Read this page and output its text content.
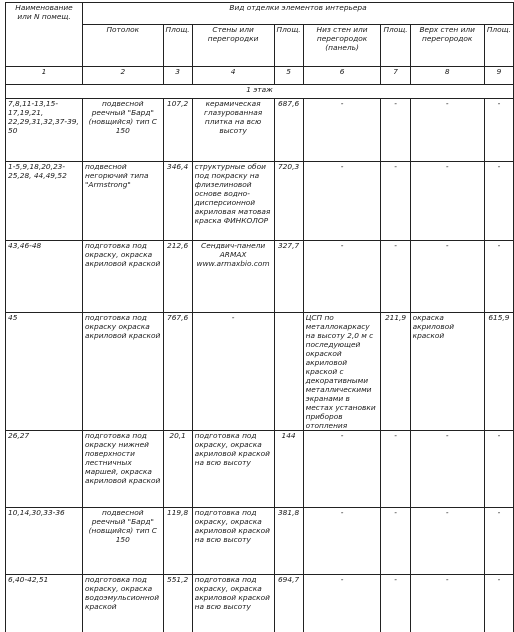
Наименование или N помещ.	Вид отделки элементов интерьера							
	Потолок	Площ.	Стены или перегородки	Площ.	Низ стен или перегородок (панель)	Площ.	Верх стен или перегородок	Площ.
1	2	3	4	5	6	7	8	9
1 этаж								
7,8,11-13,15-17,19,21, 22,29,31,32,37-39, 50	подвесной реечный "Бард" (новщийся) тип С 150	107,2	керамическая глазурованная плитка на всю высоту	687,6	-	-	-	-
1-5,9,18,20,23-25,28, 44,49,52	подвесной негорючий типа "Armstrong"	346,4	структурные обои под покраску на флизелиновой основе водно-дисперсионной акриловая матовая краска ФИНКОЛОР	720,3	-	-	-	-
43,46-48	подготовка под окраску, окраска акриловой краской	212,6	Сендвич-панели ARMAX www.armaxbio.com	327,7	-	-	-	-
45	подготовка под окраску окраска акриловой краской	767,6	-		ЦСП по металлокаркасу на высоту 2,0 м с последующей окраской акриловой краской с декоративными металлическими экранами в местах установки приборов отопления	211,9	окраска акриловой краской	615,9
26,27	подготовка под окраску нижней поверхности лестничных маршей, окраска акриловой краской	20,1	подготовка под окраску, окраска акриловой краской на всю высоту	144	-	-	-	-
10,14,30,33-36	подвесной реечный "Бард" (новщийся) тип С 150	119,8	подготовка под окраску, окраска акриловой краской на всю высоту	381,8	-	-	-	-
6,40-42,51	подготовка под окраску, окраска водоэмульсионной краской	551,2	подготовка под окраску, окраска акриловой краской на всю высоту	694,7	-	-	-	-
